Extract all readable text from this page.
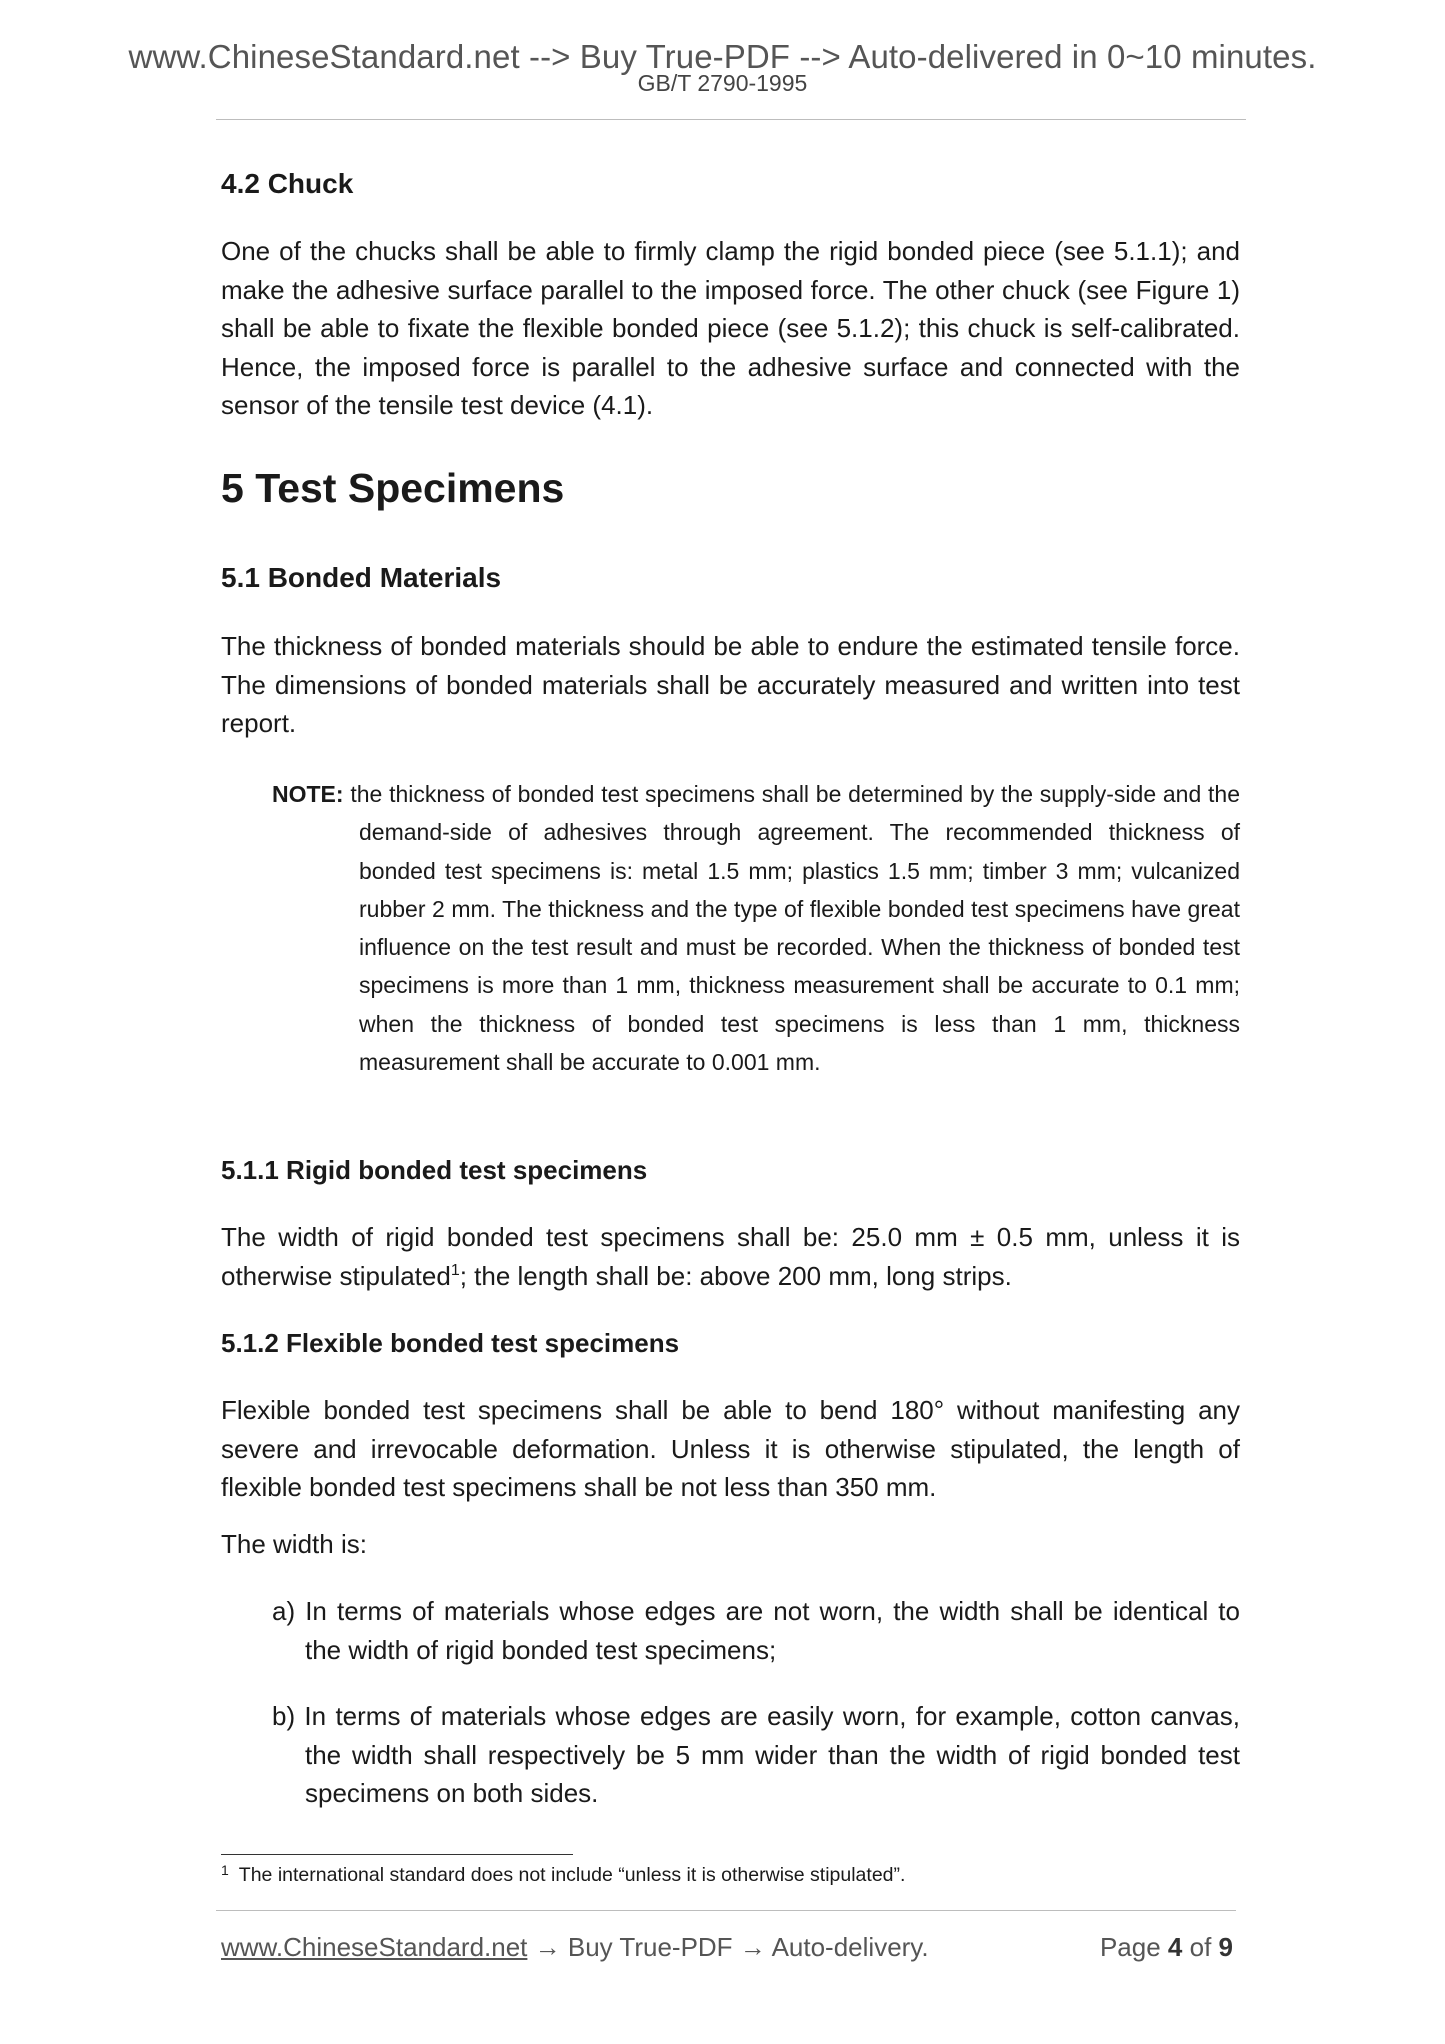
www.ChineseStandard.net --> Buy True-PDF --> Auto-delivered in 0~10 minutes.
GB/T 2790-1995
4.2 Chuck

One of the chucks shall be able to firmly clamp the rigid bonded piece (see 5.1.1); and make the adhesive surface parallel to the imposed force. The other chuck (see Figure 1) shall be able to fixate the flexible bonded piece (see 5.1.2); this chuck is self-calibrated. Hence, the imposed force is parallel to the adhesive surface and connected with the sensor of the tensile test device (4.1).

5 Test Specimens
5.1 Bonded Materials

The thickness of bonded materials should be able to endure the estimated tensile force. The dimensions of bonded materials shall be accurately measured and written into test report.

NOTE: the thickness of bonded test specimens shall be determined by the supply-side and the demand-side of adhesives through agreement. The recommended thickness of bonded test specimens is: metal 1.5 mm; plastics 1.5 mm; timber 3 mm; vulcanized rubber 2 mm. The thickness and the type of flexible bonded test specimens have great influence on the test result and must be recorded. When the thickness of bonded test specimens is more than 1 mm, thickness measurement shall be accurate to 0.1 mm; when the thickness of bonded test specimens is less than 1 mm, thickness measurement shall be accurate to 0.001 mm.

5.1.1 Rigid bonded test specimens

The width of rigid bonded test specimens shall be: 25.0 mm ± 0.5 mm, unless it is otherwise stipulated$^1$; the length shall be: above 200 mm, long strips.

5.1.2 Flexible bonded test specimens

Flexible bonded test specimens shall be able to bend 180° without manifesting any severe and irrevocable deformation. Unless it is otherwise stipulated, the length of flexible bonded test specimens shall be not less than 350 mm.

The width is:

a) In terms of materials whose edges are not worn, the width shall be identical to the width of rigid bonded test specimens;

b) In terms of materials whose edges are easily worn, for example, cotton canvas, the width shall respectively be 5 mm wider than the width of rigid bonded test specimens on both sides.

$^1$ The international standard does not include “unless it is otherwise stipulated”.
www.ChineseStandard.net → Buy True-PDF → Auto-delivery.	Page 4 of 9
